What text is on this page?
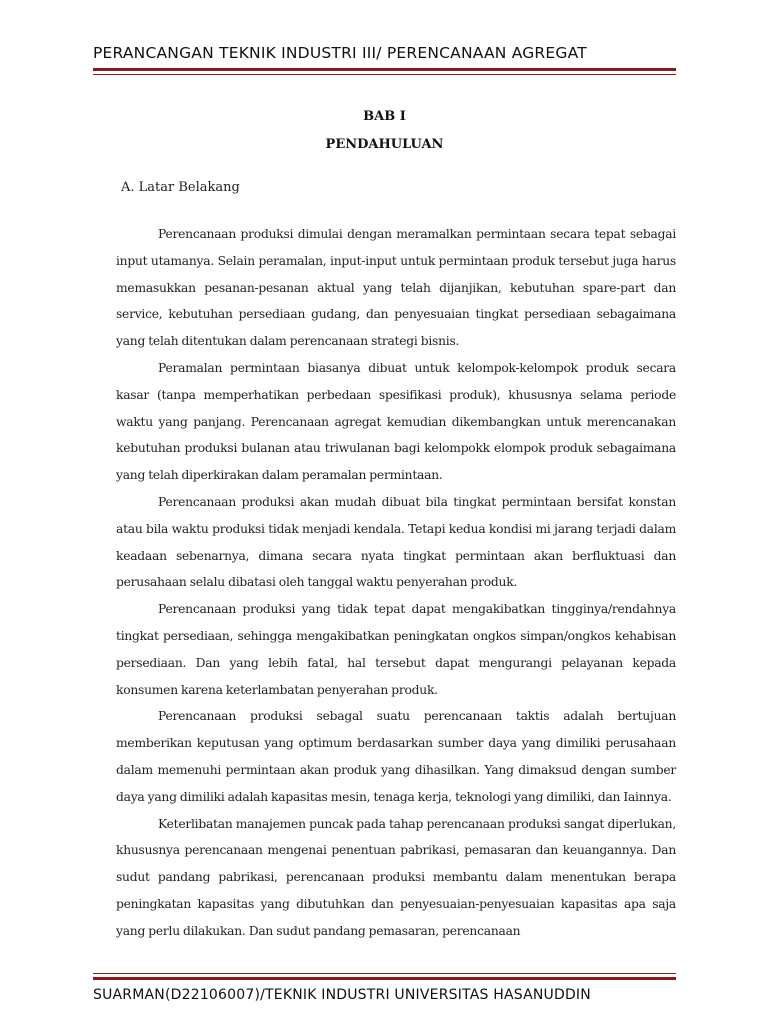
PERANCANGAN TEKNIK INDUSTRI III/ PERENCANAAN AGREGAT
BAB I
PENDAHULUAN
A. Latar Belakang

Perencanaan produksi dimulai dengan meramalkan permintaan secara tepat sebagai input utamanya. Selain peramalan, input-input untuk permintaan produk tersebut juga harus memasukkan pesanan-pesanan aktual yang telah dijanjikan, kebutuhan spare-part dan service, kebutuhan persediaan gudang, dan penyesuaian tingkat persediaan sebagaimana yang telah ditentukan dalam perencanaan strategi bisnis.

Peramalan permintaan biasanya dibuat untuk kelompok-kelompok produk secara kasar (tanpa memperhatikan perbedaan spesifikasi produk), khususnya selama periode waktu yang panjang. Perencanaan agregat kemudian dikembangkan untuk merencanakan kebutuhan produksi bulanan atau triwulanan bagi kelompokk elompok produk sebagaimana yang telah diperkirakan dalam peramalan permintaan.

Perencanaan produksi akan mudah dibuat bila tingkat permintaan bersifat konstan atau bila waktu produksi tidak menjadi kendala. Tetapi kedua kondisi mi jarang terjadi dalam keadaan sebenarnya, dimana secara nyata tingkat permintaan akan berfluktuasi dan perusahaan selalu dibatasi oleh tanggal waktu penyerahan produk.

Perencanaan produksi yang tidak tepat dapat mengakibatkan tingginya/rendahnya tingkat persediaan, sehingga mengakibatkan peningkatan ongkos simpan/ongkos kehabisan persediaan. Dan yang lebih fatal, hal tersebut dapat mengurangi pelayanan kepada konsumen karena keterlambatan penyerahan produk.

Perencanaan produksi sebagal suatu perencanaan taktis adalah bertujuan memberikan keputusan yang optimum berdasarkan sumber daya yang dimiliki perusahaan dalam memenuhi permintaan akan produk yang dihasilkan. Yang dimaksud dengan sumber daya yang dimiliki adalah kapasitas mesin, tenaga kerja, teknologi yang dimiliki, dan Iainnya.

Keterlibatan manajemen puncak pada tahap perencanaan produksi sangat diperlukan, khususnya perencanaan mengenai penentuan pabrikasi, pemasaran dan keuangannya. Dan sudut pandang pabrikasi, perencanaan produksi membantu dalam menentukan berapa peningkatan kapasitas yang dibutuhkan dan penyesuaian-penyesuaian kapasitas apa saja yang perlu dilakukan. Dan sudut pandang pemasaran, perencanaan

SUARMAN(D22106007)/TEKNIK INDUSTRI UNIVERSITAS HASANUDDIN
